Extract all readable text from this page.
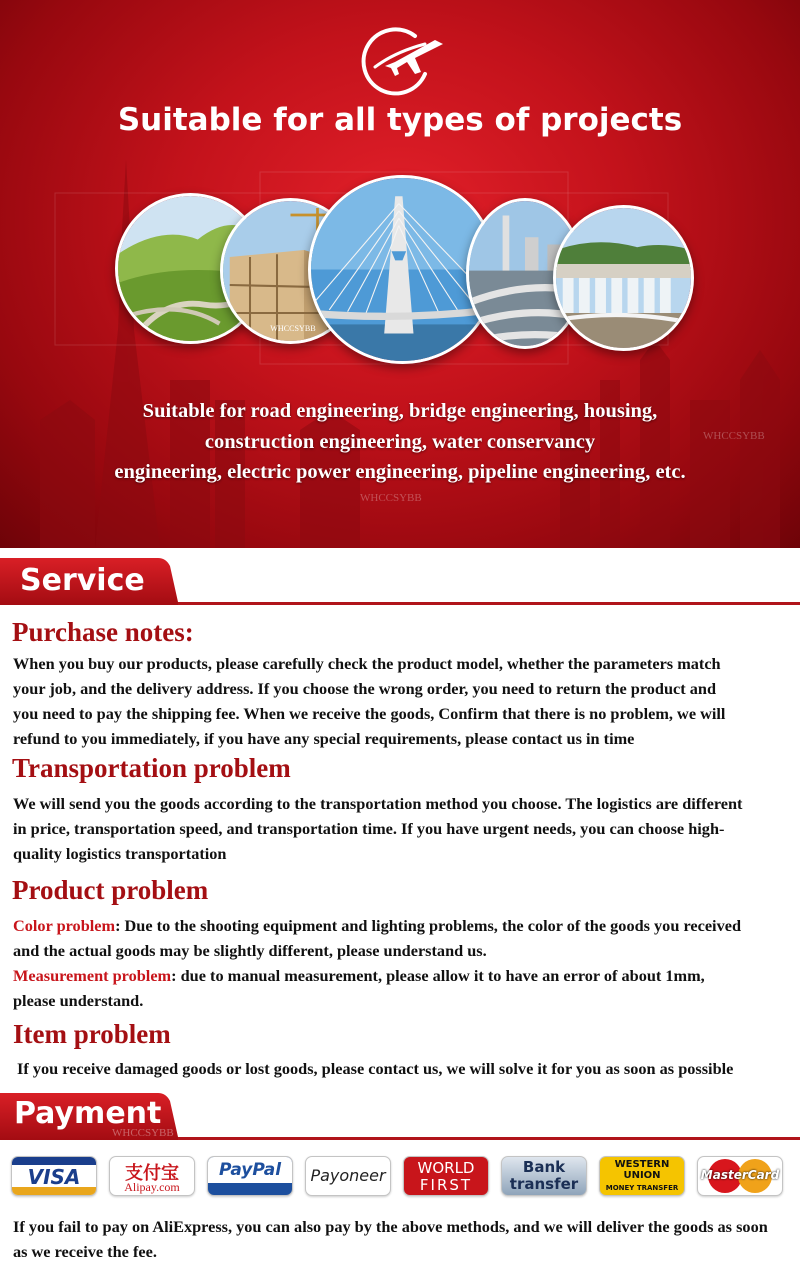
Suitable for all types of projects
WHCCSYBB
Suitable for road engineering, bridge engineering, housing,
construction engineering, water conservancy
engineering, electric power engineering, pipeline engineering, etc.
WHCCSYBB
WHCCSYBB
Service
Purchase notes:
When you buy our products, please carefully check the product model, whether the parameters match
your job, and the delivery address. If you choose the wrong order, you need to return the product and
you need to pay the shipping fee. When we receive the goods, Confirm that there is no problem, we will
refund to you immediately, if you have any special requirements, please contact us in time
Transportation problem
We will send you the goods according to the transportation method you choose. The logistics are different
in price, transportation speed, and transportation time. If you have urgent needs, you can choose high-
quality logistics transportation
Product problem
Color problem: Due to the shooting equipment and lighting problems, the color of the goods you received
and the actual goods may be slightly different, please understand us.
Measurement problem: due to manual measurement, please allow it to have an error of about 1mm,
please understand.
Item problem
If you receive damaged goods or lost goods, please contact us, we will solve it for you as soon as possible
Payment
WHCCSYBB
VISA	支付宝
Alipay.com
PayPal	Payoneer	WORLD
FIRST
Bank
transfer
WESTERN
UNION
MONEY TRANSFER
MasterCard
If you fail to pay on AliExpress, you can also pay by the above methods, and we will deliver the goods as soon
as we receive the fee.
